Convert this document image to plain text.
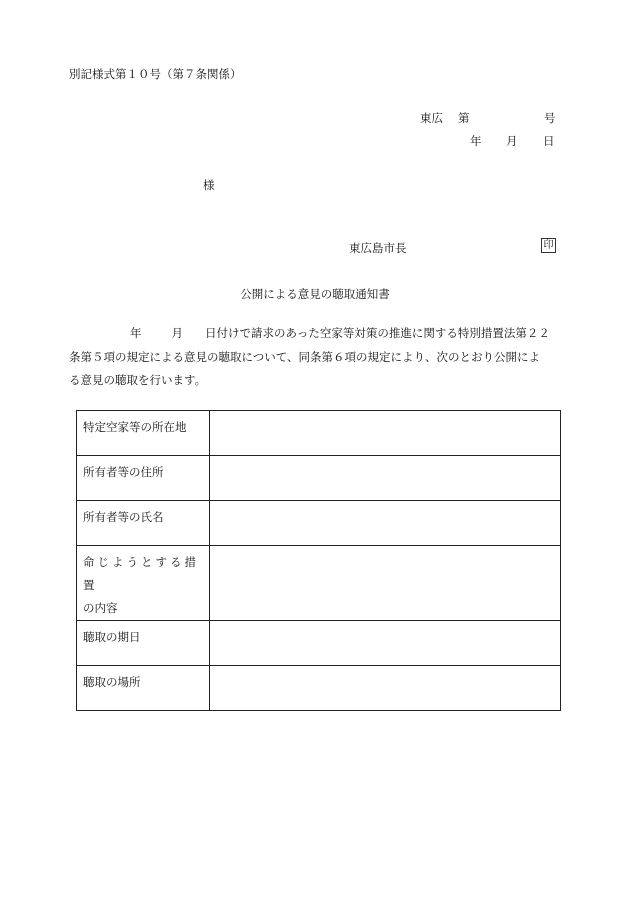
別記様式第１０号（第７条関係）
東広 第	号
年 月 日
様
東広島市長	印
公開による意見の聴取通知書
年	月 日付けで請求のあった空家等対策の推進に関する特別措置法第２２
条第５項の規定による意見の聴取について、同条第６項の規定により、次のとおり公開によ
る意見の聴取を行います。
特定空家等の所在地	
所有者等の住所	
所有者等の氏名	

命じようとする措置
の内容	

聴取の期日	
聴取の場所	
